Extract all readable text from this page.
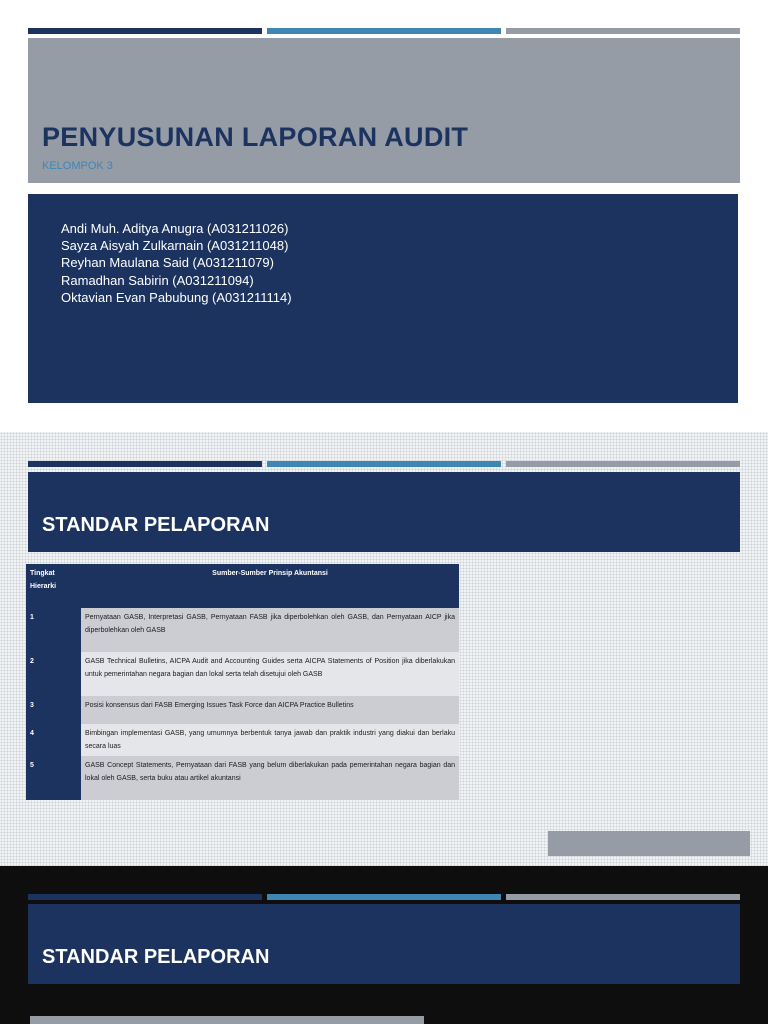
PENYUSUNAN LAPORAN AUDIT
KELOMPOK 3
Andi Muh. Aditya Anugra (A031211026)
Sayza Aisyah Zulkarnain (A031211048)
Reyhan Maulana Said (A031211079)
Ramadhan Sabirin (A031211094)
Oktavian Evan Pabubung (A031211114)
STANDAR PELAPORAN
Tingkat Hierarki	Sumber-Sumber Prinsip Akuntansi
1	Pernyataan GASB, Interpretasi GASB, Pernyataan FASB jika diperbolehkan oleh GASB, dan Pernyataan AICP jika diperbolehkan oleh GASB
2	GASB Technical Bulletins, AICPA Audit and Accounting Guides serta AICPA Statements of Position jika diberlakukan untuk pemerintahan negara bagian dan lokal serta telah disetujui oleh GASB
3	Posisi konsensus dari FASB Emerging Issues Task Force dan AICPA Practice Bulletins
4	Bimbingan implementasi GASB, yang umumnya berbentuk tanya jawab dan praktik industri yang diakui dan berlaku secara luas
5	GASB Concept Statements, Pernyataan dari FASB yang belum diberlakukan pada pemerintahan negara bagian dan lokal oleh GASB, serta buku atau artikel akuntansi
STANDAR PELAPORAN
